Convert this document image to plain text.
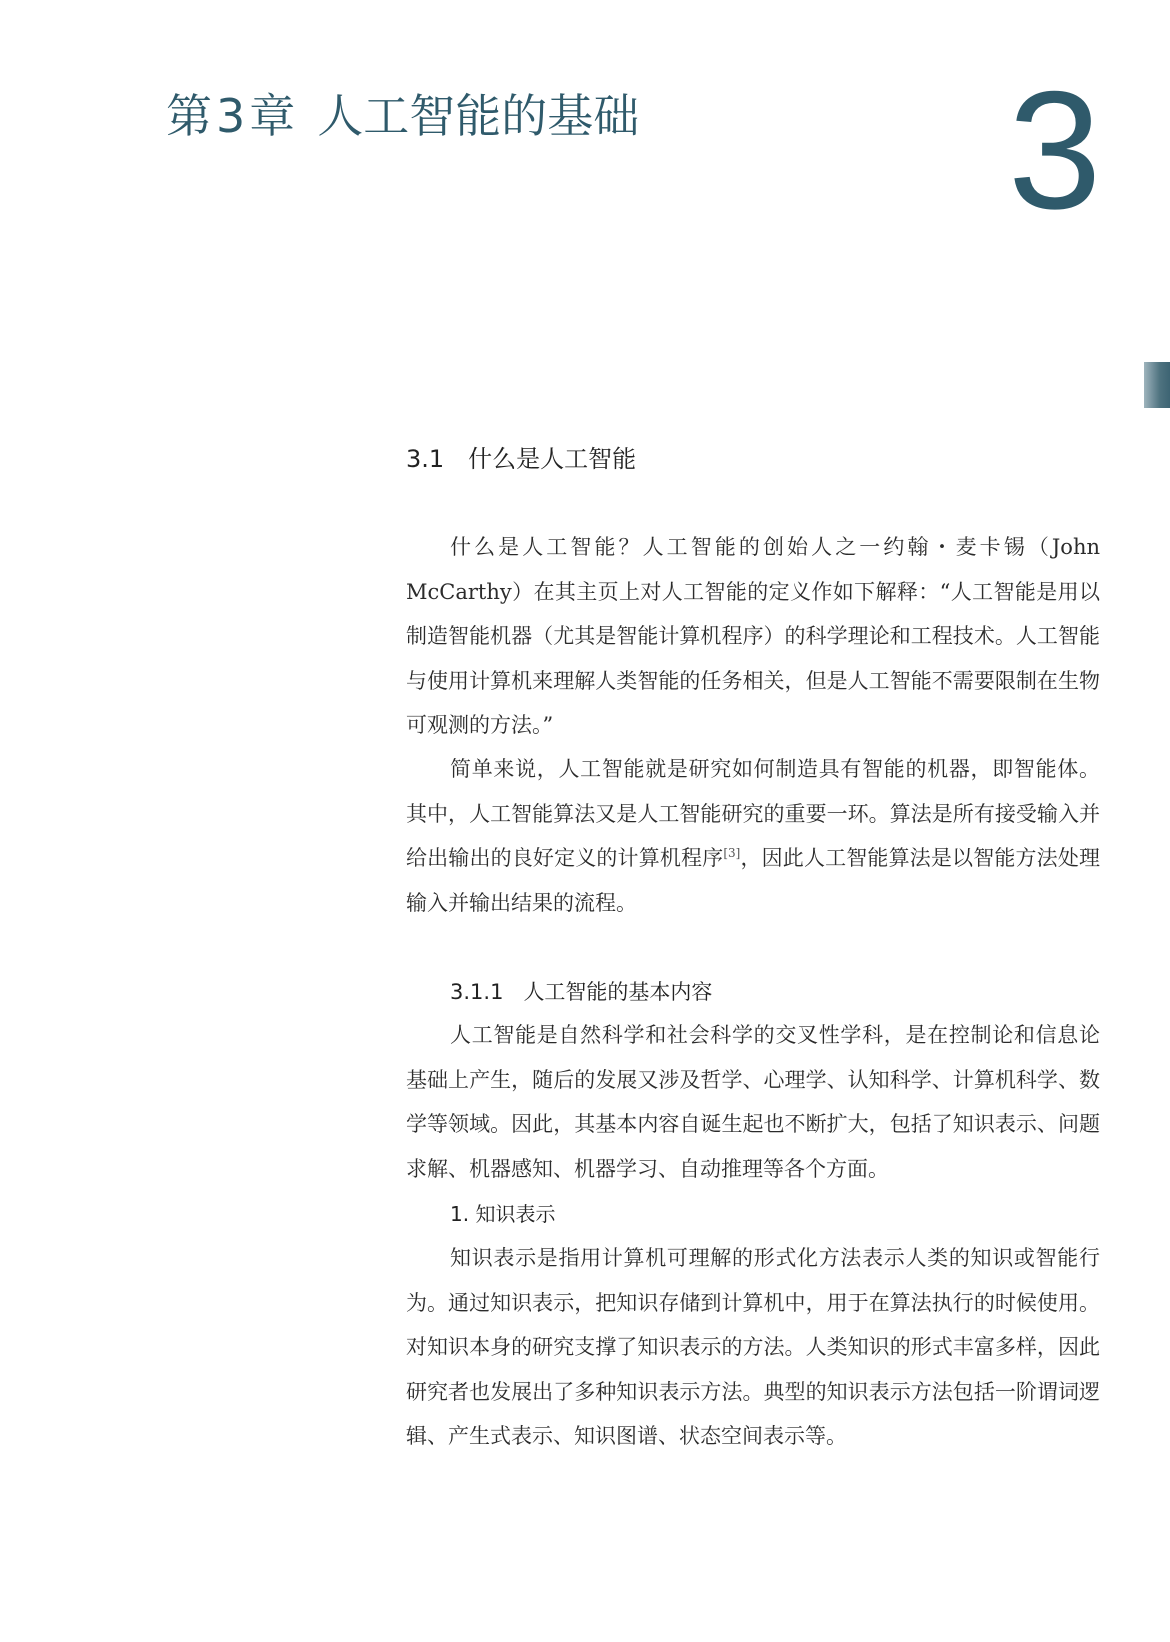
第3章 人工智能的基础 3
3.1 什么是人工智能

什么是人工智能？人工智能的创始人之一约翰・麦卡锡（John McCarthy）在其主页上对人工智能的定义作如下解释：“人工智能是用以制造智能机器（尤其是智能计算机程序）的科学理论和工程技术。人工智能与使用计算机来理解人类智能的任务相关，但是人工智能不需要限制在生物可观测的方法。”

简单来说，人工智能就是研究如何制造具有智能的机器，即智能体。其中，人工智能算法又是人工智能研究的重要一环。算法是所有接受输入并给出输出的良好定义的计算机程序[3]，因此人工智能算法是以智能方法处理输入并输出结果的流程。

3.1.1 人工智能的基本内容

人工智能是自然科学和社会科学的交叉性学科，是在控制论和信息论基础上产生，随后的发展又涉及哲学、心理学、认知科学、计算机科学、数学等领域。因此，其基本内容自诞生起也不断扩大，包括了知识表示、问题求解、机器感知、机器学习、自动推理等各个方面。

1. 知识表示

知识表示是指用计算机可理解的形式化方法表示人类的知识或智能行为。通过知识表示，把知识存储到计算机中，用于在算法执行的时候使用。对知识本身的研究支撑了知识表示的方法。人类知识的形式丰富多样，因此研究者也发展出了多种知识表示方法。典型的知识表示方法包括一阶谓词逻辑、产生式表示、知识图谱、状态空间表示等。
